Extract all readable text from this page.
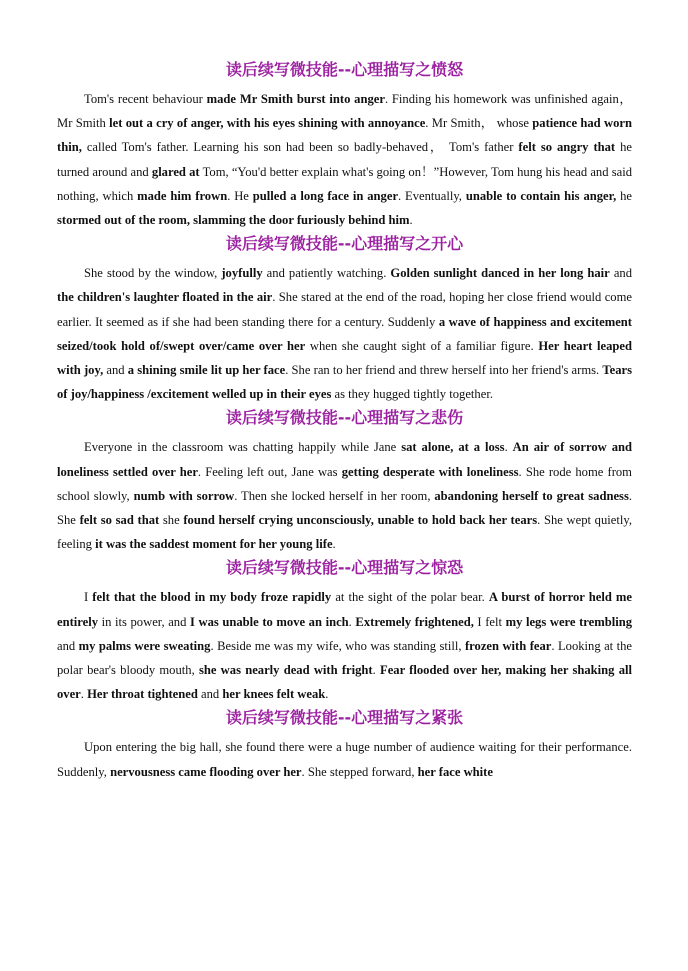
读后续写微技能--心理描写之愤怒

Tom's recent behaviour made Mr Smith burst into anger. Finding his homework was unfinished again， Mr Smith let out a cry of anger, with his eyes shining with annoyance. Mr Smith， whose patience had worn thin, called Tom's father. Learning his son had been so badly-behaved， Tom's father felt so angry that he turned around and glared at Tom, “You'd better explain what's going on！”However, Tom hung his head and said nothing, which made him frown. He pulled a long face in anger. Eventually, unable to contain his anger, he stormed out of the room, slamming the door furiously behind him.

读后续写微技能--心理描写之开心

She stood by the window, joyfully and patiently watching. Golden sunlight danced in her long hair and the children's laughter floated in the air. She stared at the end of the road, hoping her close friend would come earlier. It seemed as if she had been standing there for a century. Suddenly a wave of happiness and excitement seized/took hold of/swept over/came over her when she caught sight of a familiar figure. Her heart leaped with joy, and a shining smile lit up her face. She ran to her friend and threw herself into her friend's arms. Tears of joy/happiness /excitement welled up in their eyes as they hugged tightly together.

读后续写微技能--心理描写之悲伤

Everyone in the classroom was chatting happily while Jane sat alone, at a loss. An air of sorrow and loneliness settled over her. Feeling left out, Jane was getting desperate with loneliness. She rode home from school slowly, numb with sorrow. Then she locked herself in her room, abandoning herself to great sadness. She felt so sad that she found herself crying unconsciously, unable to hold back her tears. She wept quietly, feeling it was the saddest moment for her young life.

读后续写微技能--心理描写之惊恐

I felt that the blood in my body froze rapidly at the sight of the polar bear. A burst of horror held me entirely in its power, and I was unable to move an inch. Extremely frightened, I felt my legs were trembling and my palms were sweating. Beside me was my wife, who was standing still, frozen with fear. Looking at the polar bear's bloody mouth, she was nearly dead with fright. Fear flooded over her, making her shaking all over. Her throat tightened and her knees felt weak.

读后续写微技能--心理描写之紧张

Upon entering the big hall, she found there were a huge number of audience waiting for their performance. Suddenly, nervousness came flooding over her. She stepped forward, her face white
